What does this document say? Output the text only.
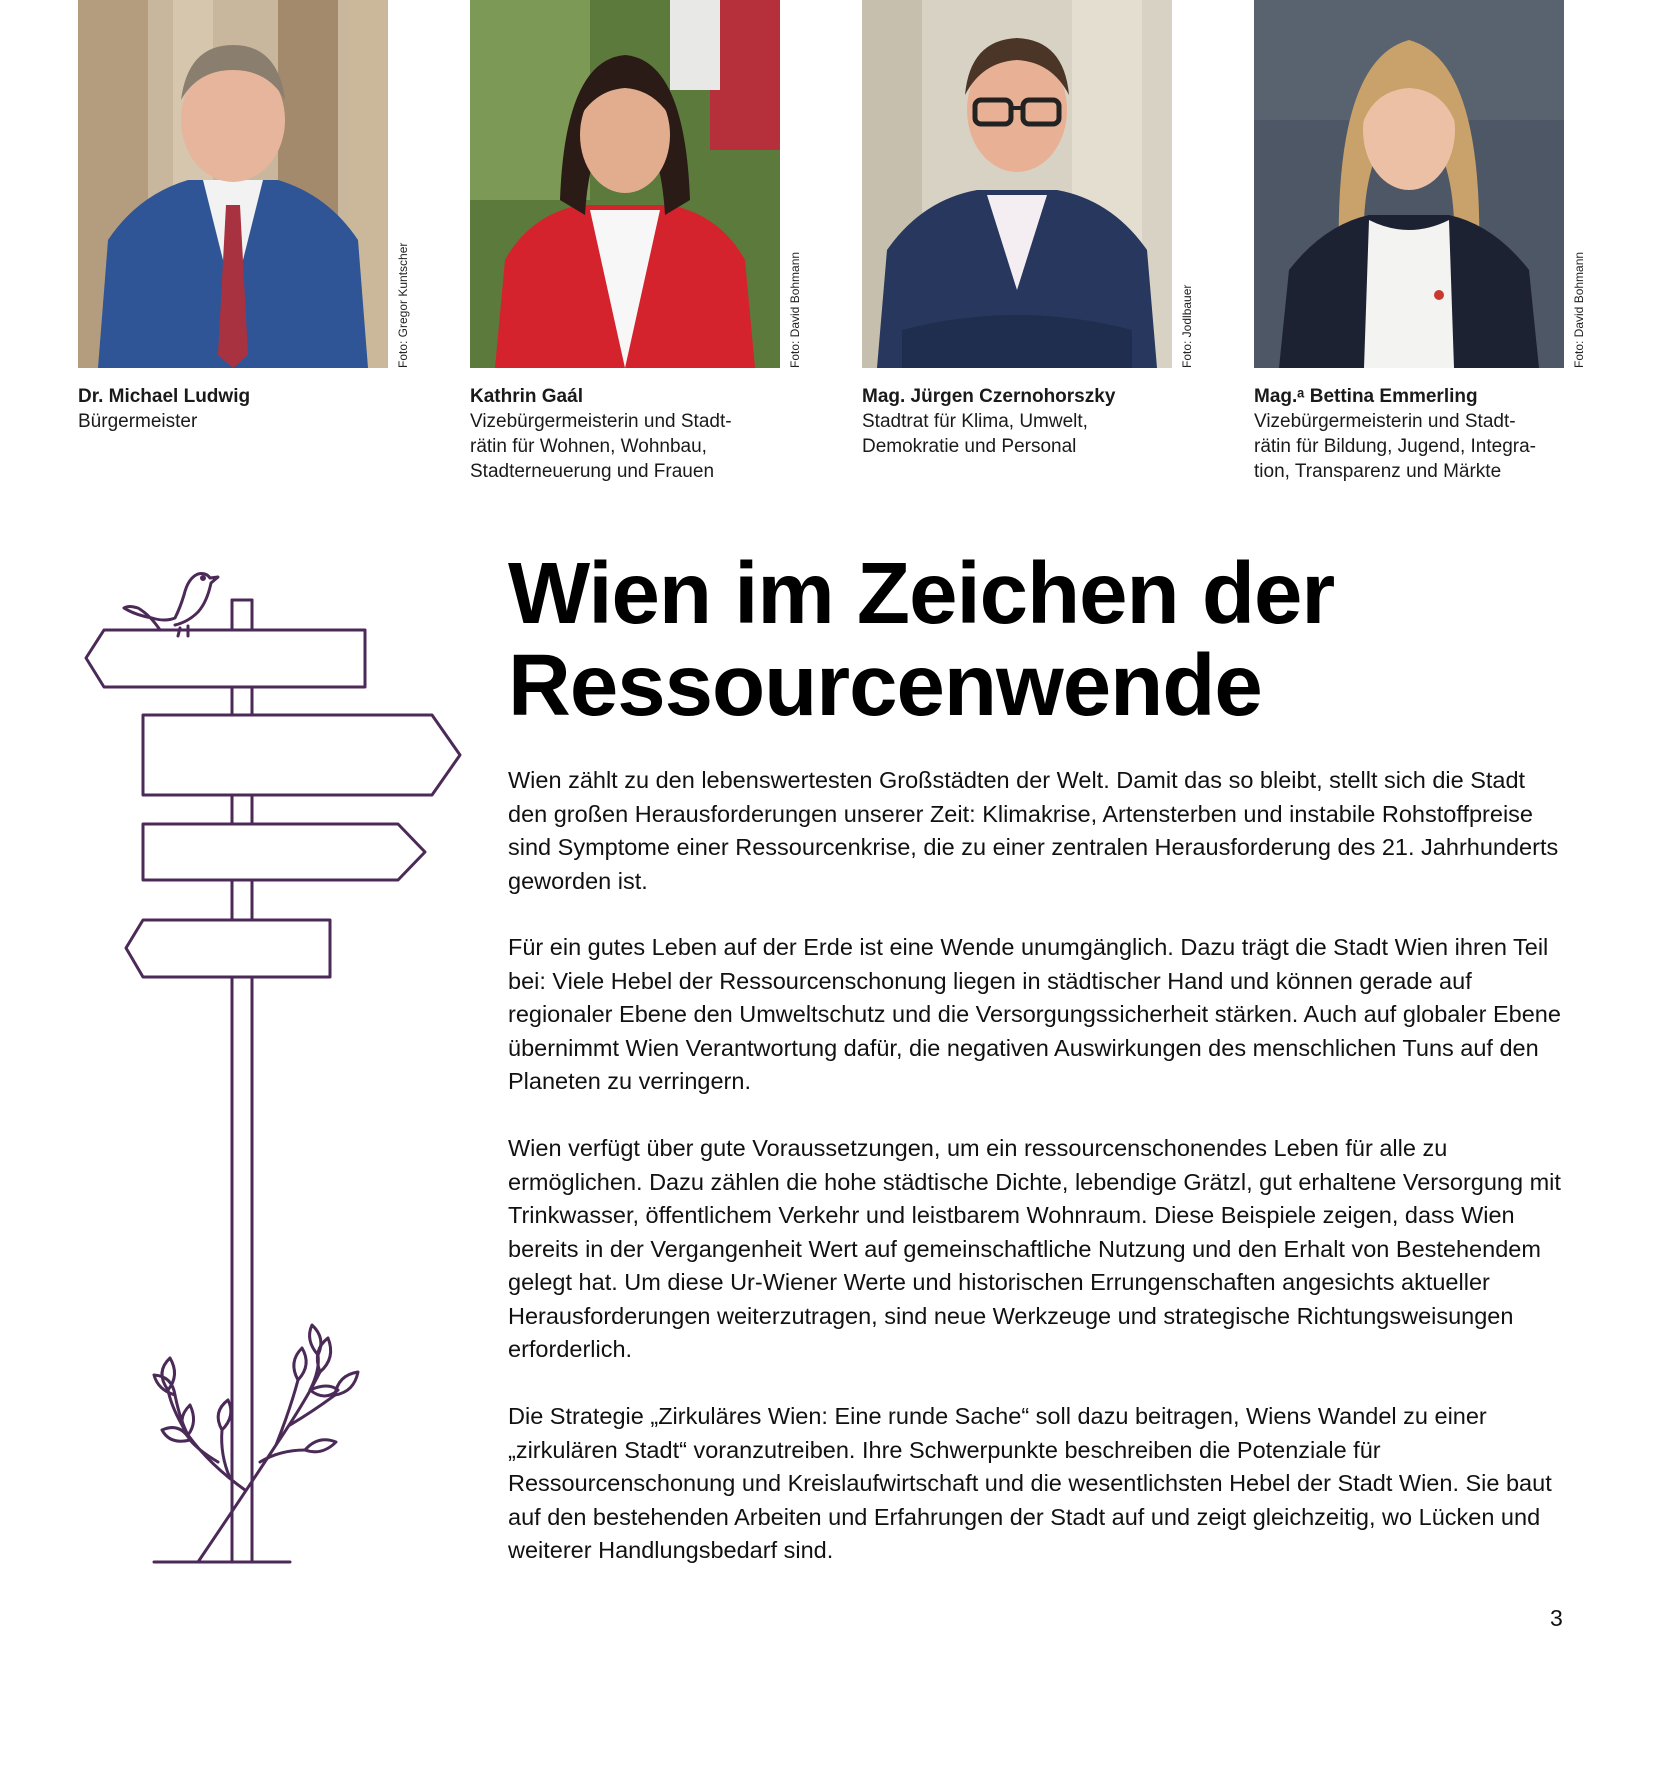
Foto: Gregor Kuntscher	Foto: David Bohmann	Foto: Jodlbauer	Foto: David Bohmann
Dr. Michael Ludwig
Bürgermeister
Kathrin Gaál
Vizebürgermeisterin und Stadt-
rätin für Wohnen, Wohnbau,
Stadterneuerung und Frauen
Mag. Jürgen Czernohorszky
Stadtrat für Klima, Umwelt,
Demokratie und Personal
Mag.ᵃ Bettina Emmerling
Vizebürgermeisterin und Stadt-
rätin für Bildung, Jugend, Integra-
tion, Transparenz und Märkte
Wien im Zeichen der
Ressourcenwende

Wien zählt zu den lebenswertesten Großstädten der Welt. Damit das so bleibt, stellt sich die Stadt den großen Herausforderungen unserer Zeit: Klimakrise, Artensterben und instabile Rohstoffpreise sind Symptome einer Ressourcenkrise, die zu einer zentralen Herausforderung des 21. Jahrhunderts geworden ist.

Für ein gutes Leben auf der Erde ist eine Wende unumgänglich. Dazu trägt die Stadt Wien ihren Teil bei: Viele Hebel der Ressourcenschonung liegen in städtischer Hand und können gerade auf regionaler Ebene den Umweltschutz und die Versorgungssicherheit stärken. Auch auf globaler Ebene übernimmt Wien Verantwortung dafür, die negativen Auswirkungen des menschlichen Tuns auf den Planeten zu verringern.

Wien verfügt über gute Voraussetzungen, um ein ressourcenschonendes Leben für alle zu ermöglichen. Dazu zählen die hohe städtische Dichte, lebendige Grätzl, gut erhaltene Versorgung mit Trinkwasser, öffentlichem Verkehr und leistbarem Wohnraum. Diese Beispiele zeigen, dass Wien bereits in der Vergangenheit Wert auf gemeinschaftliche Nutzung und den Erhalt von Bestehendem gelegt hat. Um diese Ur-Wiener Werte und historischen Errungenschaften angesichts aktueller Herausforderungen weiterzutragen, sind neue Werkzeuge und strategische Richtungsweisungen erforderlich.

Die Strategie „Zirkuläres Wien: Eine runde Sache“ soll dazu beitragen, Wiens Wandel zu einer „zirkulären Stadt“ voranzutreiben. Ihre Schwerpunkte beschreiben die Potenziale für Ressourcenschonung und Kreislaufwirtschaft und die wesentlichsten Hebel der Stadt Wien. Sie baut auf den bestehenden Arbeiten und Erfahrungen der Stadt auf und zeigt gleichzeitig, wo Lücken und weiterer Handlungsbedarf sind.

3
